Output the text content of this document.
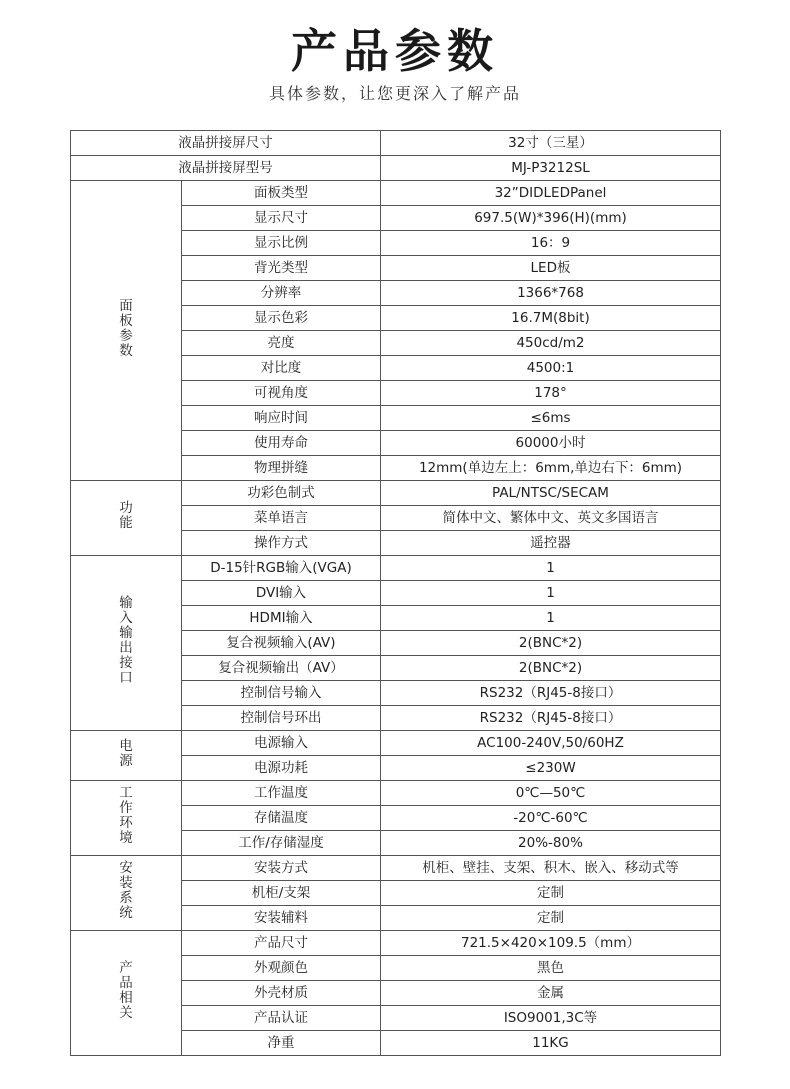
产品参数
具体参数，让您更深入了解产品
液晶拼接屏尺寸		32寸（三星）
液晶拼接屏型号		MJ-P3212SL
面板参数	面板类型	32”DIDLEDPanel
	显示尺寸	697.5(W)*396(H)(mm)
	显示比例	16：9
	背光类型	LED板
	分辨率	1366*768
	显示色彩	16.7M(8bit)
	亮度	450cd/m2
	对比度	4500:1
	可视角度	178°
	响应时间	≤6ms
	使用寿命	60000小时
	物理拼缝	12mm(单边左上：6mm,单边右下：6mm)
功能	功彩色制式	PAL/NTSC/SECAM
	菜单语言	简体中文、繁体中文、英文多国语言
	操作方式	遥控器
输入输出接口	D-15针RGB输入(VGA)	1
	DVI输入	1
	HDMI输入	1
	复合视频输入(AV)	2(BNC*2)
	复合视频输出（AV）	2(BNC*2)
	控制信号输入	RS232（RJ45-8接口）
	控制信号环出	RS232（RJ45-8接口）
电源	电源输入	AC100-240V,50/60HZ
	电源功耗	≤230W
工作环境	工作温度	0℃—50℃
	存储温度	-20℃-60℃
	工作/存储湿度	20%-80%
安装系统	安装方式	机柜、壁挂、支架、积木、嵌入、移动式等
	机柜/支架	定制
	安装辅料	定制
产品相关	产品尺寸	721.5×420×109.5（mm）
	外观颜色	黑色
	外壳材质	金属
	产品认证	ISO9001,3C等
	净重	11KG
